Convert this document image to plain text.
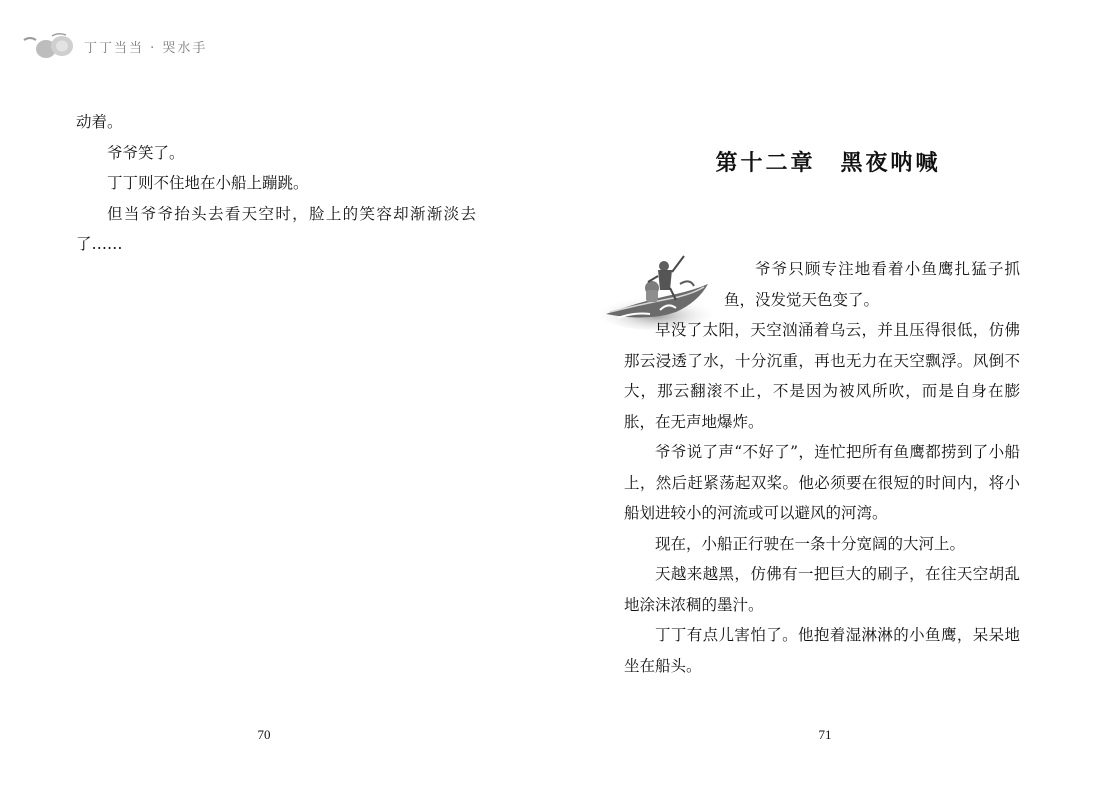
丁丁当当 · 哭水手

动着。

爷爷笑了。

丁丁则不住地在小船上蹦跳。

但当爷爷抬头去看天空时，脸上的笑容却渐渐淡去了……

70
第十二章　黑夜呐喊

爷爷只顾专注地看着小鱼鹰扎猛子抓鱼，没发觉天色变了。

早没了太阳，天空汹涌着乌云，并且压得很低，仿佛那云浸透了水，十分沉重，再也无力在天空飘浮。风倒不大，那云翻滚不止，不是因为被风所吹，而是自身在膨胀，在无声地爆炸。

爷爷说了声“不好了”，连忙把所有鱼鹰都捞到了小船上，然后赶紧荡起双桨。他必须要在很短的时间内，将小船划进较小的河流或可以避风的河湾。

现在，小船正行驶在一条十分宽阔的大河上。

天越来越黑，仿佛有一把巨大的刷子，在往天空胡乱地涂沫浓稠的墨汁。

丁丁有点儿害怕了。他抱着湿淋淋的小鱼鹰，呆呆地坐在船头。

71
